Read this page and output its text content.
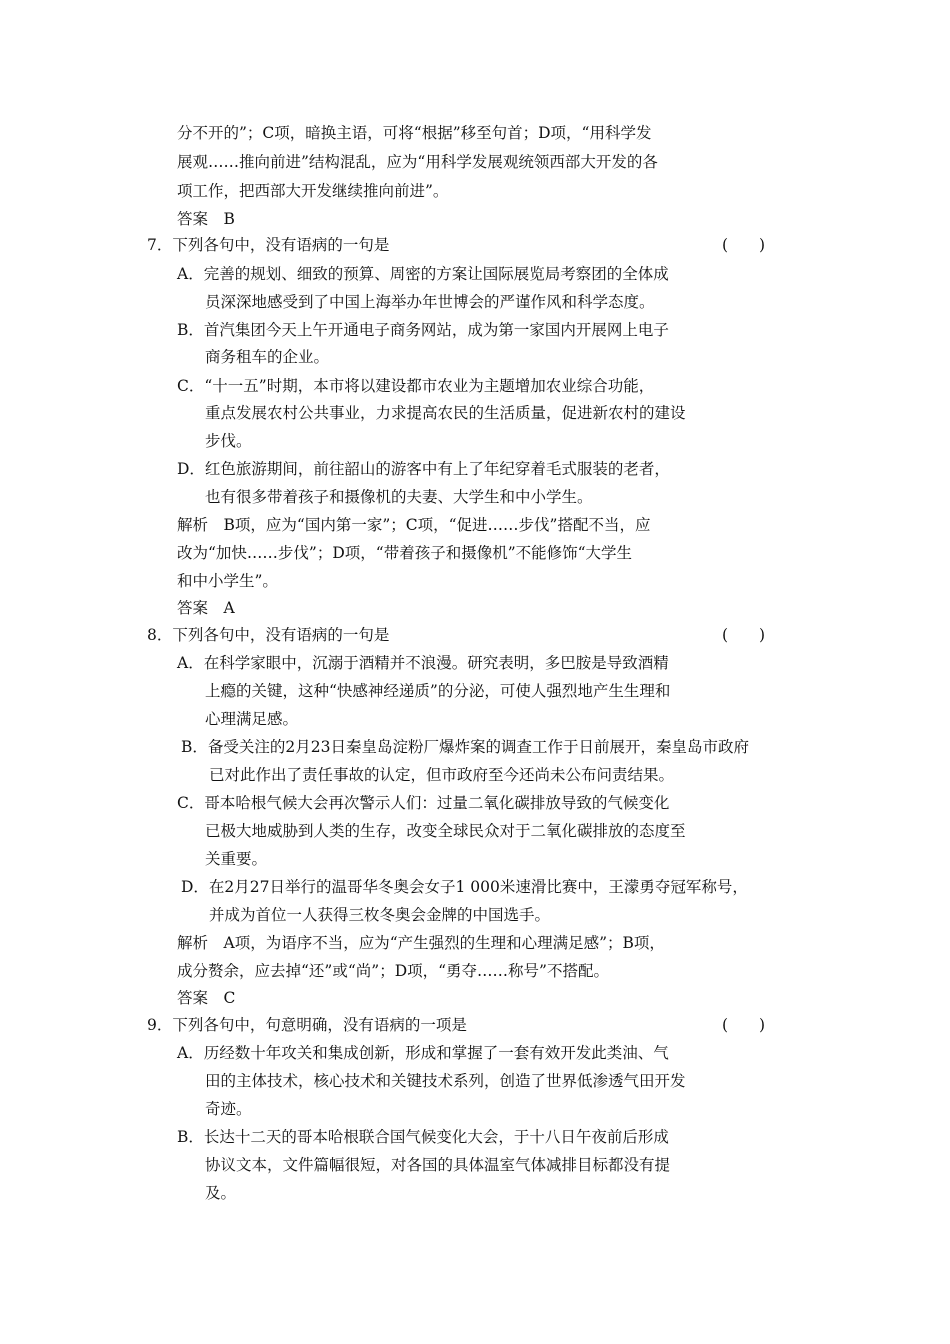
分不开的”；C项，暗换主语，可将“根据”移至句首；D项，“用科学发
展观……推向前进”结构混乱，应为“用科学发展观统领西部大开发的各
项工作，把西部大开发继续推向前进”。
答案　B
7．下列各句中，没有语病的一句是	(　　)
A．完善的规划、细致的预算、周密的方案让国际展览局考察团的全体成
员深深地感受到了中国上海举办年世博会的严谨作风和科学态度。
B．首汽集团今天上午开通电子商务网站，成为第一家国内开展网上电子
商务租车的企业。
C．“十一五”时期，本市将以建设都市农业为主题增加农业综合功能，
重点发展农村公共事业，力求提高农民的生活质量，促进新农村的建设
步伐。
D．红色旅游期间，前往韶山的游客中有上了年纪穿着毛式服装的老者，
也有很多带着孩子和摄像机的夫妻、大学生和中小学生。
解析　B项，应为“国内第一家”；C项，“促进……步伐”搭配不当，应
改为“加快……步伐”；D项，“带着孩子和摄像机”不能修饰“大学生
和中小学生”。
答案　A
8．下列各句中，没有语病的一句是	(　　)
A．在科学家眼中，沉溺于酒精并不浪漫。研究表明，多巴胺是导致酒精
上瘾的关键，这种“快感神经递质”的分泌，可使人强烈地产生生理和
心理满足感。
B．备受关注的2月23日秦皇岛淀粉厂爆炸案的调查工作于日前展开，秦皇岛市政府
已对此作出了责任事故的认定，但市政府至今还尚未公布问责结果。
C．哥本哈根气候大会再次警示人们：过量二氧化碳排放导致的气候变化
已极大地威胁到人类的生存，改变全球民众对于二氧化碳排放的态度至
关重要。
D．在2月27日举行的温哥华冬奥会女子1 000米速滑比赛中，王濛勇夺冠军称号，
并成为首位一人获得三枚冬奥会金牌的中国选手。
解析　A项，为语序不当，应为“产生强烈的生理和心理满足感”；B项，
成分赘余，应去掉“还”或“尚”；D项，“勇夺……称号”不搭配。
答案　C
9．下列各句中，句意明确，没有语病的一项是	(　　)
A．历经数十年攻关和集成创新，形成和掌握了一套有效开发此类油、气
田的主体技术，核心技术和关键技术系列，创造了世界低渗透气田开发
奇迹。
B．长达十二天的哥本哈根联合国气候变化大会，于十八日午夜前后形成
协议文本，文件篇幅很短，对各国的具体温室气体减排目标都没有提
及。
